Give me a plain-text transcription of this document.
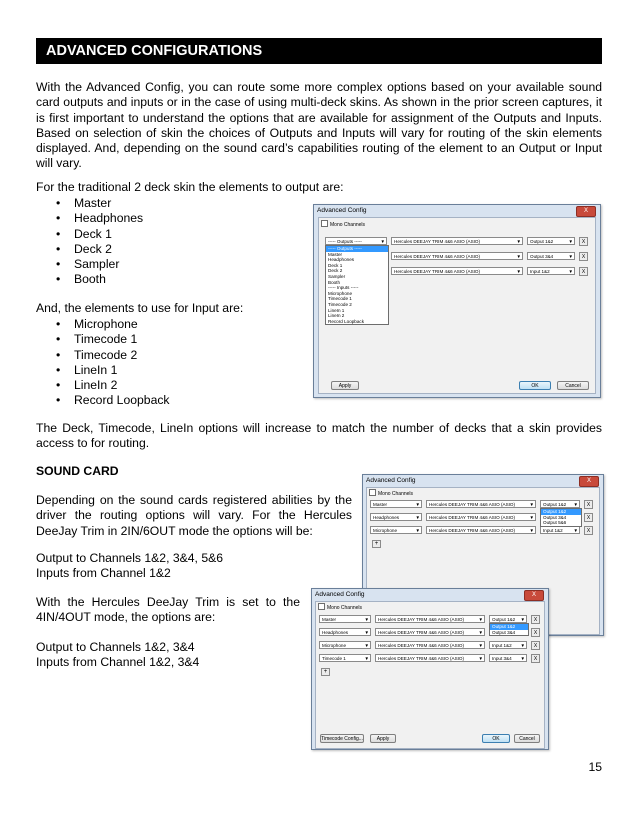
ADVANCED CONFIGURATIONS

With the Advanced Config, you can route some more complex options based on your available sound card outputs and inputs or in the case of using multi-deck skins. As shown in the prior screen captures, it is first important to understand the options that are available for assignment of the Outputs and Inputs. Based on selection of skin the choices of Outputs and Inputs will vary for routing of the skin elements displayed. And, depending on the sound card’s capabilities routing of the element to an Output or Input will vary.

For the traditional 2 deck skin the elements to output are:

• Master
• Headphones
• Deck 1
• Deck 2
• Sampler
• Booth

And, the elements to use for Input are:

• Microphone
• Timecode 1
• Timecode 2
• LineIn 1
• LineIn 2
• Record Loopback

The Deck, Timecode, LineIn options will increase to match the number of decks that a skin provides access to for routing.

SOUND CARD

Depending on the sound cards registered abilities by the driver the routing options will vary. For the Hercules DeeJay Trim in 2IN/6OUT mode the options will be:

Output to Channels 1&2, 3&4, 5&6

Inputs from Channel 1&2

With the Hercules DeeJay Trim is set to the 4IN/4OUT mode, the options are:

Output to Channels 1&2, 3&4

Inputs from Channel 1&2, 3&4

15
Advanced Config	X
Mono Channels
----- Outputs -----	▼	Hercules DEEJAY TRIM 4&6 ASIO (ASIO)	▼	Output 1&2	▼	X
Hercules DEEJAY TRIM 4&6 ASIO (ASIO)	▼	Output 3&4	▼	X
Hercules DEEJAY TRIM 4&6 ASIO (ASIO)	▼	Input 1&2	▼	X
----- Outputs -----
Master
Headphones
Deck 1
Deck 2
Sampler
Booth
----- Inputs -----
Microphone
Timecode 1
Timecode 2
LineIn 1
LineIn 2
Record Loopback
Apply	OK	Cancel
Advanced Config	X
Mono Channels
Master	▼	Hercules DEEJAY TRIM 4&6 ASIO (ASIO)	▼	Output 1&2 ▼	X
Headphones	▼	Hercules DEEJAY TRIM 4&6 ASIO (ASIO)	▼	X
Microphone	▼	Hercules DEEJAY TRIM 4&6 ASIO (ASIO)	▼	Input 1&2 ▼	X
Output 1&2
Output 3&4
Output 5&6
+
Advanced Config	X
Mono Channels
Master	▼	Hercules DEEJAY TRIM 4&6 ASIO (ASIO)	▼	Output 1&2 ▼	X
Headphones	▼	Hercules DEEJAY TRIM 4&6 ASIO (ASIO)	▼	X
Microphone	▼	Hercules DEEJAY TRIM 4&6 ASIO (ASIO)	▼	Input 1&2 ▼	X
Timecode 1	▼	Hercules DEEJAY TRIM 4&6 ASIO (ASIO)	▼	Input 3&4 ▼	X
Output 1&2
Output 3&4
+
Timecode Config...	Apply	OK	Cancel
